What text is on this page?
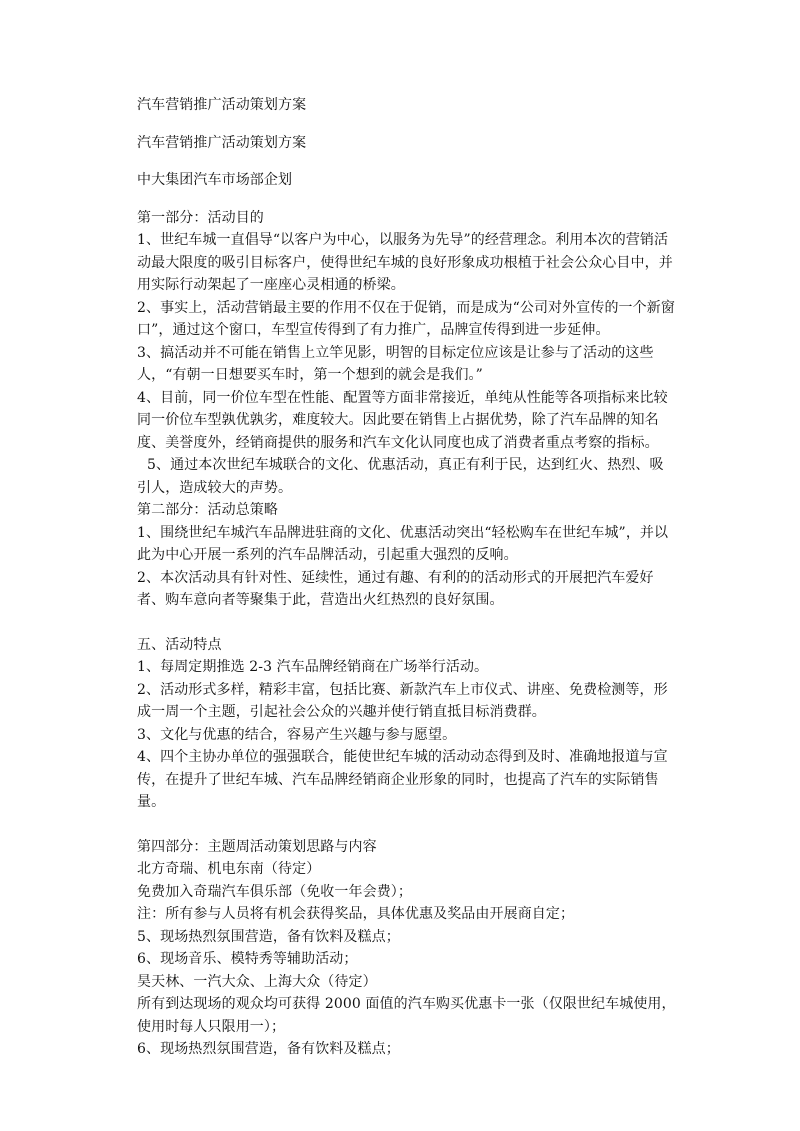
汽车营销推广活动策划方案

汽车营销推广活动策划方案

中大集团汽车市场部企划

第一部分：活动目的

1、世纪车城一直倡导“以客户为中心，以服务为先导”的经营理念。利用本次的营销活动最大限度的吸引目标客户，使得世纪车城的良好形象成功根植于社会公众心目中，并用实际行动架起了一座座心灵相通的桥梁。

2、事实上，活动营销最主要的作用不仅在于促销，而是成为“公司对外宣传的一个新窗口”，通过这个窗口，车型宣传得到了有力推广，品牌宣传得到进一步延伸。

3、搞活动并不可能在销售上立竿见影，明智的目标定位应该是让参与了活动的这些人，“有朝一日想要买车时，第一个想到的就会是我们。”

4、目前，同一价位车型在性能、配置等方面非常接近，单纯从性能等各项指标来比较同一价位车型孰优孰劣，难度较大。因此要在销售上占据优势，除了汽车品牌的知名度、美誉度外，经销商提供的服务和汽车文化认同度也成了消费者重点考察的指标。

5、通过本次世纪车城联合的文化、优惠活动，真正有利于民，达到红火、热烈、吸引人，造成较大的声势。

第二部分：活动总策略

1、围绕世纪车城汽车品牌进驻商的文化、优惠活动突出“轻松购车在世纪车城”，并以此为中心开展一系列的汽车品牌活动，引起重大强烈的反响。

2、本次活动具有针对性、延续性，通过有趣、有利的的活动形式的开展把汽车爱好者、购车意向者等聚集于此，营造出火红热烈的良好氛围。

五、活动特点

1、每周定期推选 2-3 汽车品牌经销商在广场举行活动。

2、活动形式多样，精彩丰富，包括比赛、新款汽车上市仪式、讲座、免费检测等，形成一周一个主题，引起社会公众的兴趣并使行销直抵目标消费群。

3、文化与优惠的结合，容易产生兴趣与参与愿望。

4、四个主协办单位的强强联合，能使世纪车城的活动动态得到及时、准确地报道与宣传，在提升了世纪车城、汽车品牌经销商企业形象的同时，也提高了汽车的实际销售量。

第四部分：主题周活动策划思路与内容

北方奇瑞、机电东南（待定）

免费加入奇瑞汽车俱乐部（免收一年会费）；

注：所有参与人员将有机会获得奖品，具体优惠及奖品由开展商自定；

5、现场热烈氛围营造，备有饮料及糕点；

6、现场音乐、模特秀等辅助活动；

昊天林、一汽大众、上海大众（待定）

所有到达现场的观众均可获得 2000 面值的汽车购买优惠卡一张（仅限世纪车城使用，使用时每人只限用一）；

6、现场热烈氛围营造，备有饮料及糕点；
